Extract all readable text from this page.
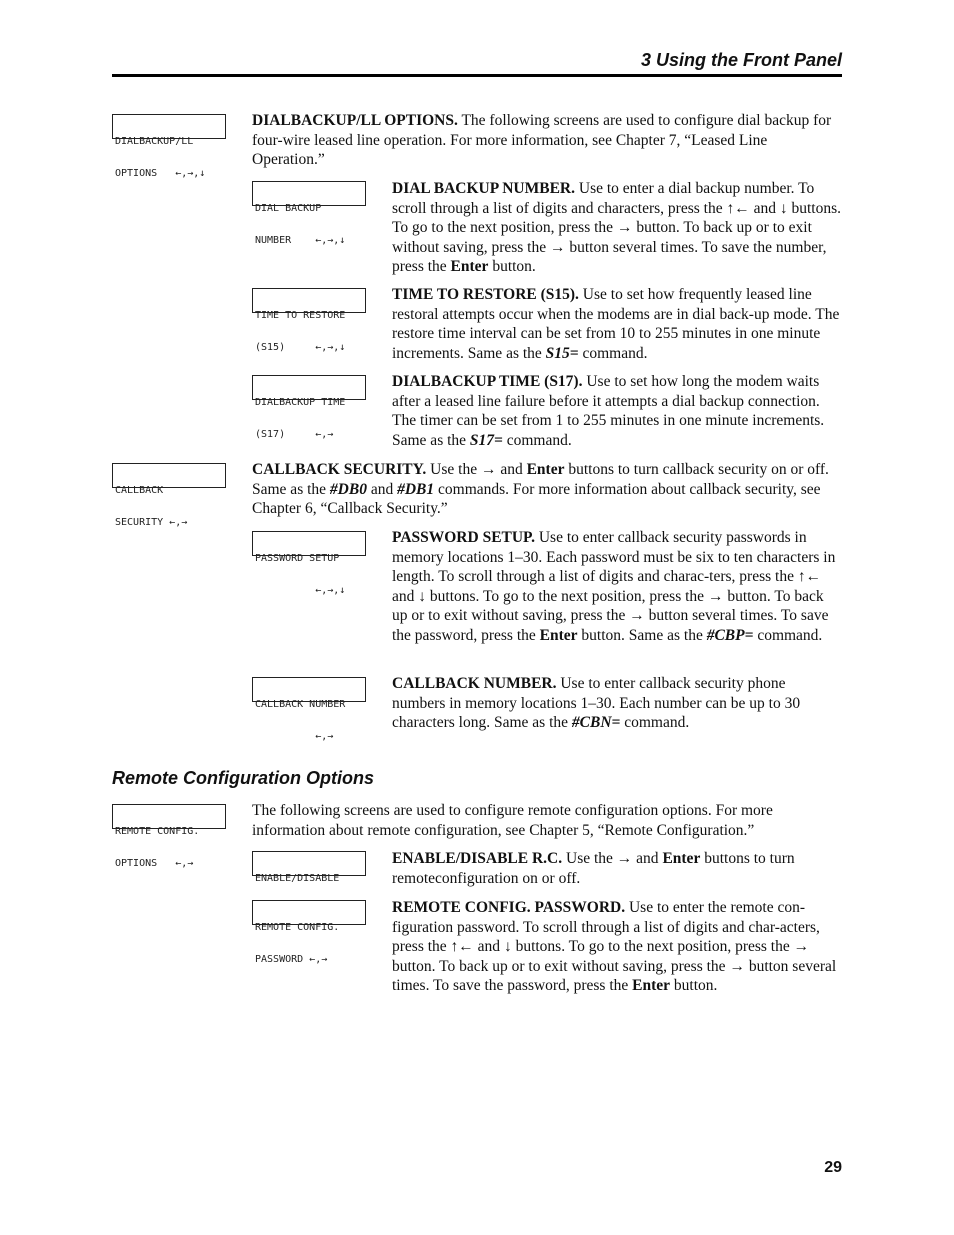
3 Using the Front Panel

DIALBACKUP/LL

OPTIONS   ←,→,↓

DIALBACKUP/LL OPTIONS. The following screens are used to configure dial backup for four-wire leased line operation. For more information, see Chapter 7, “Leased Line Operation.”

DIAL BACKUP

NUMBER    ←,→,↓

DIAL BACKUP NUMBER. Use to enter a dial backup number. To scroll through a list of digits and characters, press the ↑← and ↓ buttons. To go to the next position, press the → button. To back up or to exit without saving, press the → button several times. To save the number, press the Enter button.

TIME TO RESTORE

(S15)     ←,→,↓

TIME TO RESTORE (S15). Use to set how frequently leased line restoral attempts occur when the modems are in dial back-up mode. The restore time interval can be set from 10 to 255 minutes in one minute increments. Same as the S15= command.

DIALBACKUP TIME

(S17)     ←,→

DIALBACKUP TIME (S17). Use to set how long the modem waits after a leased line failure before it attempts a dial backup connection. The timer can be set from 1 to 255 minutes in one minute increments. Same as the S17= command.

CALLBACK

SECURITY ←,→

CALLBACK SECURITY. Use the → and Enter buttons to turn callback security on or off. Same as the #DB0 and #DB1 commands. For more information about callback security, see Chapter 6, “Callback Security.”

PASSWORD SETUP

←,→,↓

PASSWORD SETUP. Use to enter callback security passwords in memory locations 1–30. Each password must be six to ten characters in length. To scroll through a list of digits and charac-ters, press the ↑← and ↓ buttons. To go to the next position, press the → button. To back up or to exit without saving, press the → button several times. To save the password, press the Enter button. Same as the #CBP= command.

CALLBACK NUMBER

←,→

CALLBACK NUMBER. Use to enter callback security phone numbers in memory locations 1–30. Each number can be up to 30 characters long. Same as the #CBN= command.
Remote Configuration Options

REMOTE CONFIG.

OPTIONS   ←,→

The following screens are used to configure remote configuration options. For more information about remote configuration, see Chapter 5, “Remote Configuration.”

ENABLE/DISABLE

ENABLE/DISABLE R.C. Use the → and Enter buttons to turn remoteconfiguration on or off.

REMOTE CONFIG.

PASSWORD ←,→

REMOTE CONFIG. PASSWORD. Use to enter the remote con-figuration password. To scroll through a list of digits and char-acters, press the ↑← and ↓ buttons. To go to the next position, press the → button. To back up or to exit without saving, press the → button several times. To save the password, press the Enter button.
29
